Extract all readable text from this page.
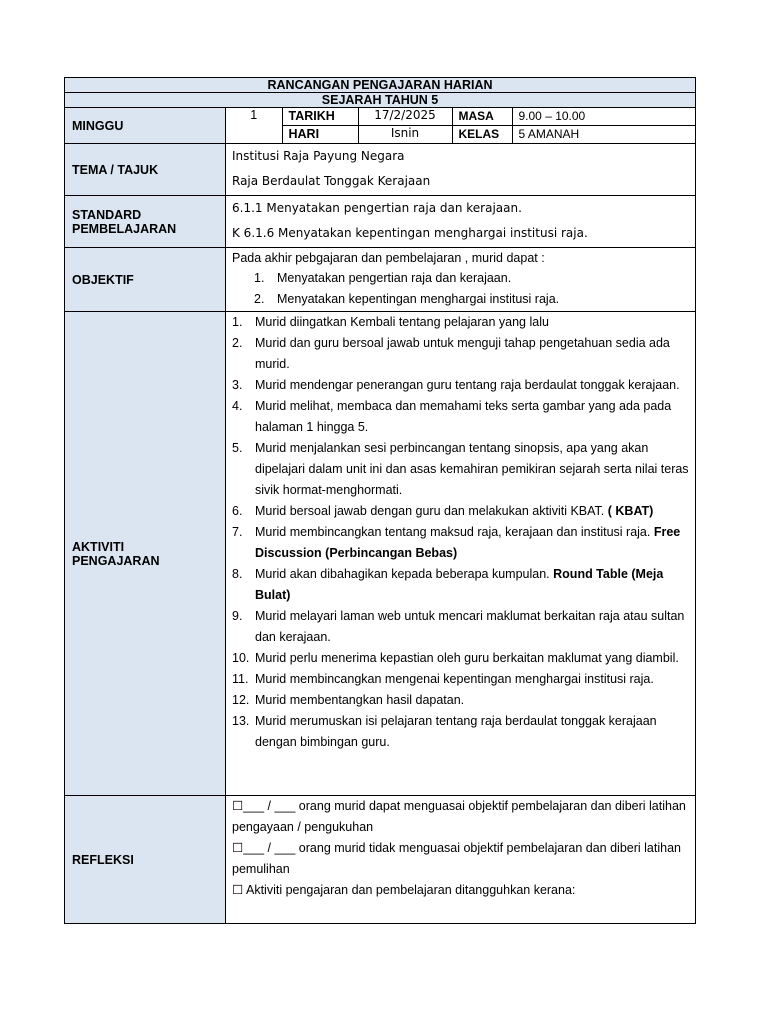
RANCANGAN PENGAJARAN HARIAN
SEJARAH TAHUN 5
MINGGU	
1	TARIKH	17/2/2025	MASA	9.00 – 10.00
HARI	Isnin	KELAS	5 AMANAH

TEMA / TAJUK	
Institusi Raja Payung Negara
Raja Berdaulat Tonggak Kerajaan

STANDARD
PEMBELAJARAN

6.1.1 Menyatakan pengertian raja dan kerajaan.
K 6.1.6 Menyatakan kepentingan menghargai institusi raja.

OBJEKTIF	
Pada akhir pebgajaran dan pembelajaran , murid dapat :
1.	Menyatakan pengertian raja dan kerajaan.
2.	Menyatakan kepentingan menghargai institusi raja.

AKTIVITI
PENGAJARAN

1.	Murid diingatkan Kembali tentang pelajaran yang lalu
2.	Murid dan guru bersoal jawab untuk menguji tahap pengetahuan sedia ada murid.
3.	Murid mendengar penerangan guru tentang raja berdaulat tonggak kerajaan.
4.	Murid melihat, membaca dan memahami teks serta gambar yang ada pada halaman 1 hingga 5.
5.	Murid menjalankan sesi perbincangan tentang sinopsis, apa yang akan dipelajari dalam unit ini dan asas kemahiran pemikiran sejarah serta nilai teras sivik hormat-menghormati.
6.	Murid bersoal jawab dengan guru dan melakukan aktiviti KBAT. ( KBAT)
7.	Murid membincangkan tentang maksud raja, kerajaan dan institusi raja. Free Discussion (Perbincangan Bebas)
8.	Murid akan dibahagikan kepada beberapa kumpulan. Round Table (Meja Bulat)
9.	Murid melayari laman web untuk mencari maklumat berkaitan raja atau sultan dan kerajaan.
10. Murid perlu menerima kepastian oleh guru berkaitan maklumat yang diambil.
11. Murid membincangkan mengenai kepentingan menghargai institusi raja.
12. Murid membentangkan hasil dapatan.
13. Murid merumuskan isi pelajaran tentang raja berdaulat tonggak kerajaan dengan bimbingan guru.

REFLEKSI	
☐___ / ___ orang murid dapat menguasai objektif pembelajaran dan diberi latihan pengayaan / pengukuhan
☐___ / ___ orang murid tidak menguasai objektif pembelajaran dan diberi latihan pemulihan
☐ Aktiviti pengajaran dan pembelajaran ditangguhkan kerana:
